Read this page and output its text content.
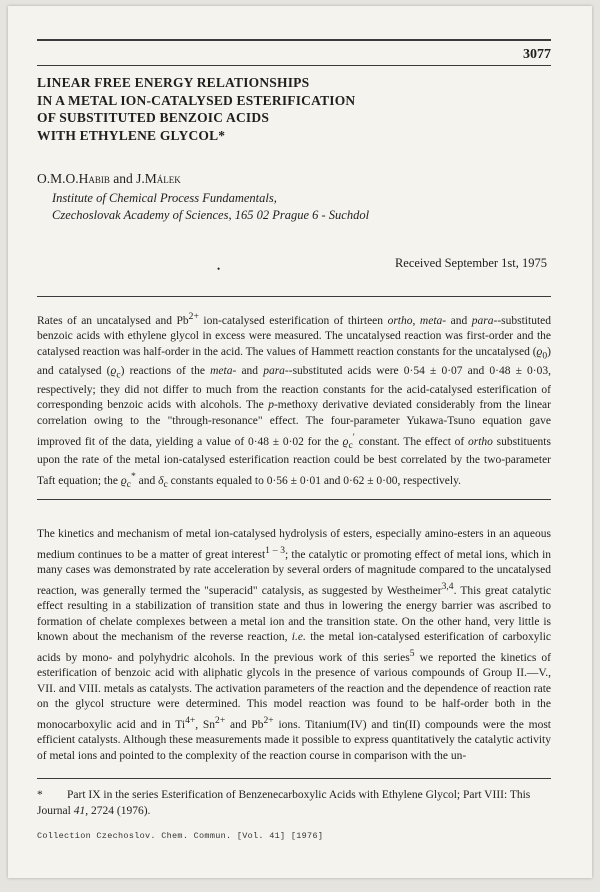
3077
LINEAR FREE ENERGY RELATIONSHIPS
IN A METAL ION-CATALYSED ESTERIFICATION
OF SUBSTITUTED BENZOIC ACIDS
WITH ETHYLENE GLYCOL*
O.M.O.Habib and J.Málek
Institute of Chemical Process Fundamentals,
Czechoslovak Academy of Sciences, 165 02 Prague 6 - Suchdol
•	Received September 1st, 1975
Rates of an uncatalysed and $Pb^{2+}$ ion-catalysed esterification of thirteen ortho, meta- and para--substituted benzoic acids with ethylene glycol in excess were measured. The uncatalysed reaction was first-order and the catalysed reaction was half-order in the acid. The values of Hammett reaction constants for the uncatalysed $(ϱ_0)$ and catalysed $(ϱ_c)$ reactions of the meta- and para--substituted acids were 0·54 ± 0·07 and 0·48 ± 0·03, respectively; they did not differ to much from the reaction constants for the acid-catalysed esterification of corresponding benzoic acids with alcohols. The p-methoxy derivative deviated considerably from the linear correlation owing to the "through-resonance" effect. The four-parameter Yukawa-Tsuno equation gave improved fit of the data, yielding a value of 0·48 ± 0·02 for the $ϱ_c'$ constant. The effect of ortho substituents upon the rate of the metal ion-catalysed esterification reaction could be best correlated by the two-parameter Taft equation; the $ϱ_c^*$ and $\delta_c$ constants equaled to 0·56 ± 0·01 and 0·62 ± 0·00, respectively.
The kinetics and mechanism of metal ion-catalysed hydrolysis of esters, especially amino-esters in an aqueous medium continues to be a matter of great interest$^{1 - 3}$; the catalytic or promoting effect of metal ions, which in many cases was demonstrated by rate acceleration by several orders of magnitude compared to the uncatalysed reaction, was generally termed the "superacid" catalysis, as suggested by Westheimer$^{3,4}$. This great catalytic effect resulting in a stabilization of transition state and thus in lowering the energy barrier was ascribed to formation of chelate complexes between a metal ion and the transition state. On the other hand, very little is known about the mechanism of the reverse reaction, i.e. the metal ion-catalysed esterification of carboxylic acids by mono- and polyhydric alcohols. In the previous work of this series$^5$ we reported the kinetics of esterification of benzoic acid with aliphatic glycols in the presence of various compounds of Group II.—V., VII. and VIII. metals as catalysts. The activation parameters of the reaction and the dependence of reaction rate on the glycol structure were determined. This model reaction was found to be half-order both in the monocarboxylic acid and in $Ti^{4+}$, $Sn^{2+}$ and $Pb^{2+}$ ions. Titanium(IV) and tin(II) compounds were the most efficient catalysts. Although these measurements made it possible to express quantitatively the catalytic activity of metal ions and pointed to the complexity of the reaction course in comparison with the un-
* Part IX in the series Esterification of Benzenecarboxylic Acids with Ethylene Glycol; Part VIII: This Journal 41, 2724 (1976).
Collection Czechoslov. Chem. Commun. [Vol. 41] [1976]
